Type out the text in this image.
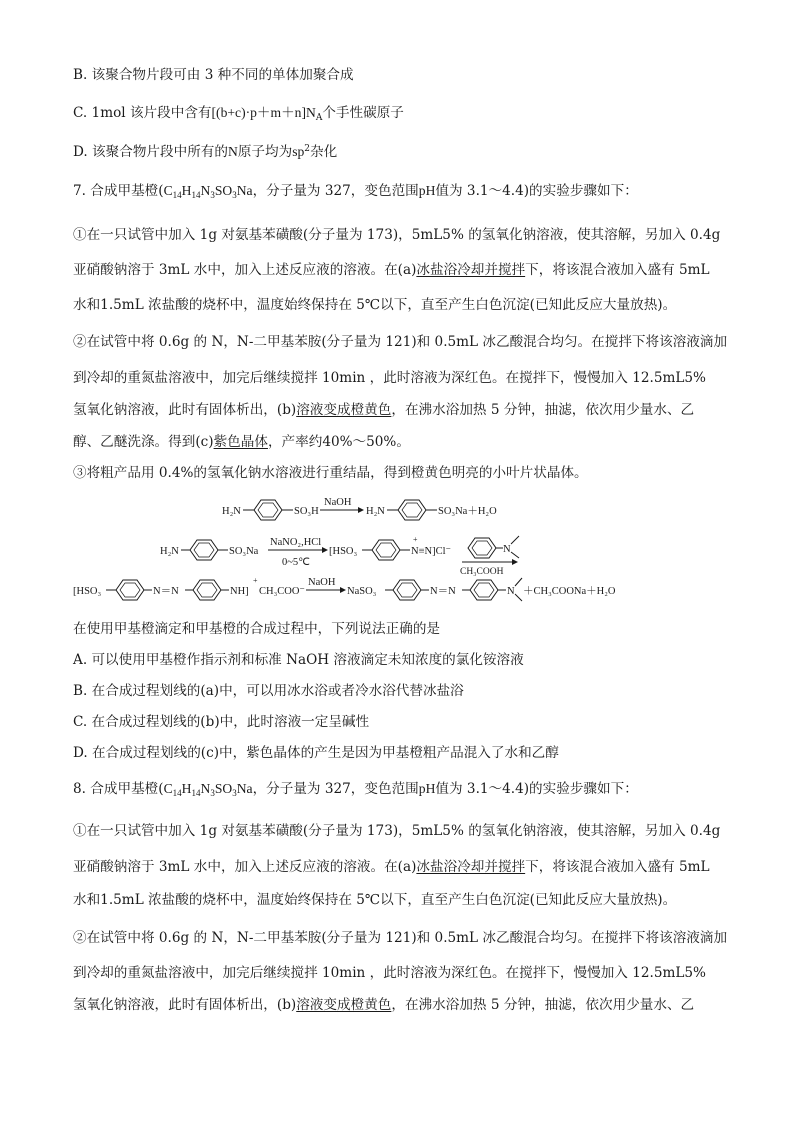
B. 该聚合物片段可由 3 种不同的单体加聚合成
C. 1mol 该片段中含有$[(b+c)\cdot p+m+n]N_A$个手性碳原子
D. 该聚合物片段中所有的N原子均为$sp^2$杂化
7. 合成甲基橙($C_{14}H_{14}N_3SO_3Na$，分子量为 327，变色范围pH值为 3.1～4.4)的实验步骤如下：
①在一只试管中加入 1g 对氨基苯磺酸(分子量为 173)，5mL5% 的氢氧化钠溶液，使其溶解，另加入 0.4g
亚硝酸钠溶于 3mL 水中，加入上述反应液的溶液。在(a)冰盐浴冷却并搅拌下，将该混合液加入盛有 5mL
水和1.5mL 浓盐酸的烧杯中，温度始终保持在 5℃以下，直至产生白色沉淀(已知此反应大量放热)。
②在试管中将 0.6g 的 N，N-二甲基苯胺(分子量为 121)和 0.5mL 冰乙酸混合均匀。在搅拌下将该溶液滴加
到冷却的重氮盐溶液中，加完后继续搅拌 10min ，此时溶液为深红色。在搅拌下，慢慢加入 12.5mL5%
氢氧化钠溶液，此时有固体析出，(b)溶液变成橙黄色，在沸水浴加热 5 分钟，抽滤，依次用少量水、乙
醇、乙醚洗涤。得到(c)紫色晶体，产率约40%～50%。
③将粗产品用 0.4%的氢氧化钠水溶液进行重结晶，得到橙黄色明亮的小叶片状晶体。
H₂N	SO₃H
NaOH
H₂N	SO₃Na＋H₂O
H₂N	SO₃Na
NaNO₂,HCl
0~5℃
[HSO₃
+
N≡N]Cl⁻	N
CH₃COOH
[HSO₃	N＝N	NH]
+
CH₃COO⁻
NaOH
NaSO₃	N＝N	N ＋CH₃COONa＋H₂O
在使用甲基橙滴定和甲基橙的合成过程中，下列说法正确的是
A. 可以使用甲基橙作指示剂和标准 NaOH 溶液滴定未知浓度的氯化铵溶液
B. 在合成过程划线的(a)中，可以用冰水浴或者冷水浴代替冰盐浴
C. 在合成过程划线的(b)中，此时溶液一定呈碱性
D. 在合成过程划线的(c)中，紫色晶体的产生是因为甲基橙粗产品混入了水和乙醇
8. 合成甲基橙($C_{14}H_{14}N_3SO_3Na$，分子量为 327，变色范围pH值为 3.1～4.4)的实验步骤如下：
①在一只试管中加入 1g 对氨基苯磺酸(分子量为 173)，5mL5% 的氢氧化钠溶液，使其溶解，另加入 0.4g
亚硝酸钠溶于 3mL 水中，加入上述反应液的溶液。在(a)冰盐浴冷却并搅拌下，将该混合液加入盛有 5mL
水和1.5mL 浓盐酸的烧杯中，温度始终保持在 5℃以下，直至产生白色沉淀(已知此反应大量放热)。
②在试管中将 0.6g 的 N，N-二甲基苯胺(分子量为 121)和 0.5mL 冰乙酸混合均匀。在搅拌下将该溶液滴加
到冷却的重氮盐溶液中，加完后继续搅拌 10min ，此时溶液为深红色。在搅拌下，慢慢加入 12.5mL5%
氢氧化钠溶液，此时有固体析出，(b)溶液变成橙黄色，在沸水浴加热 5 分钟，抽滤，依次用少量水、乙
